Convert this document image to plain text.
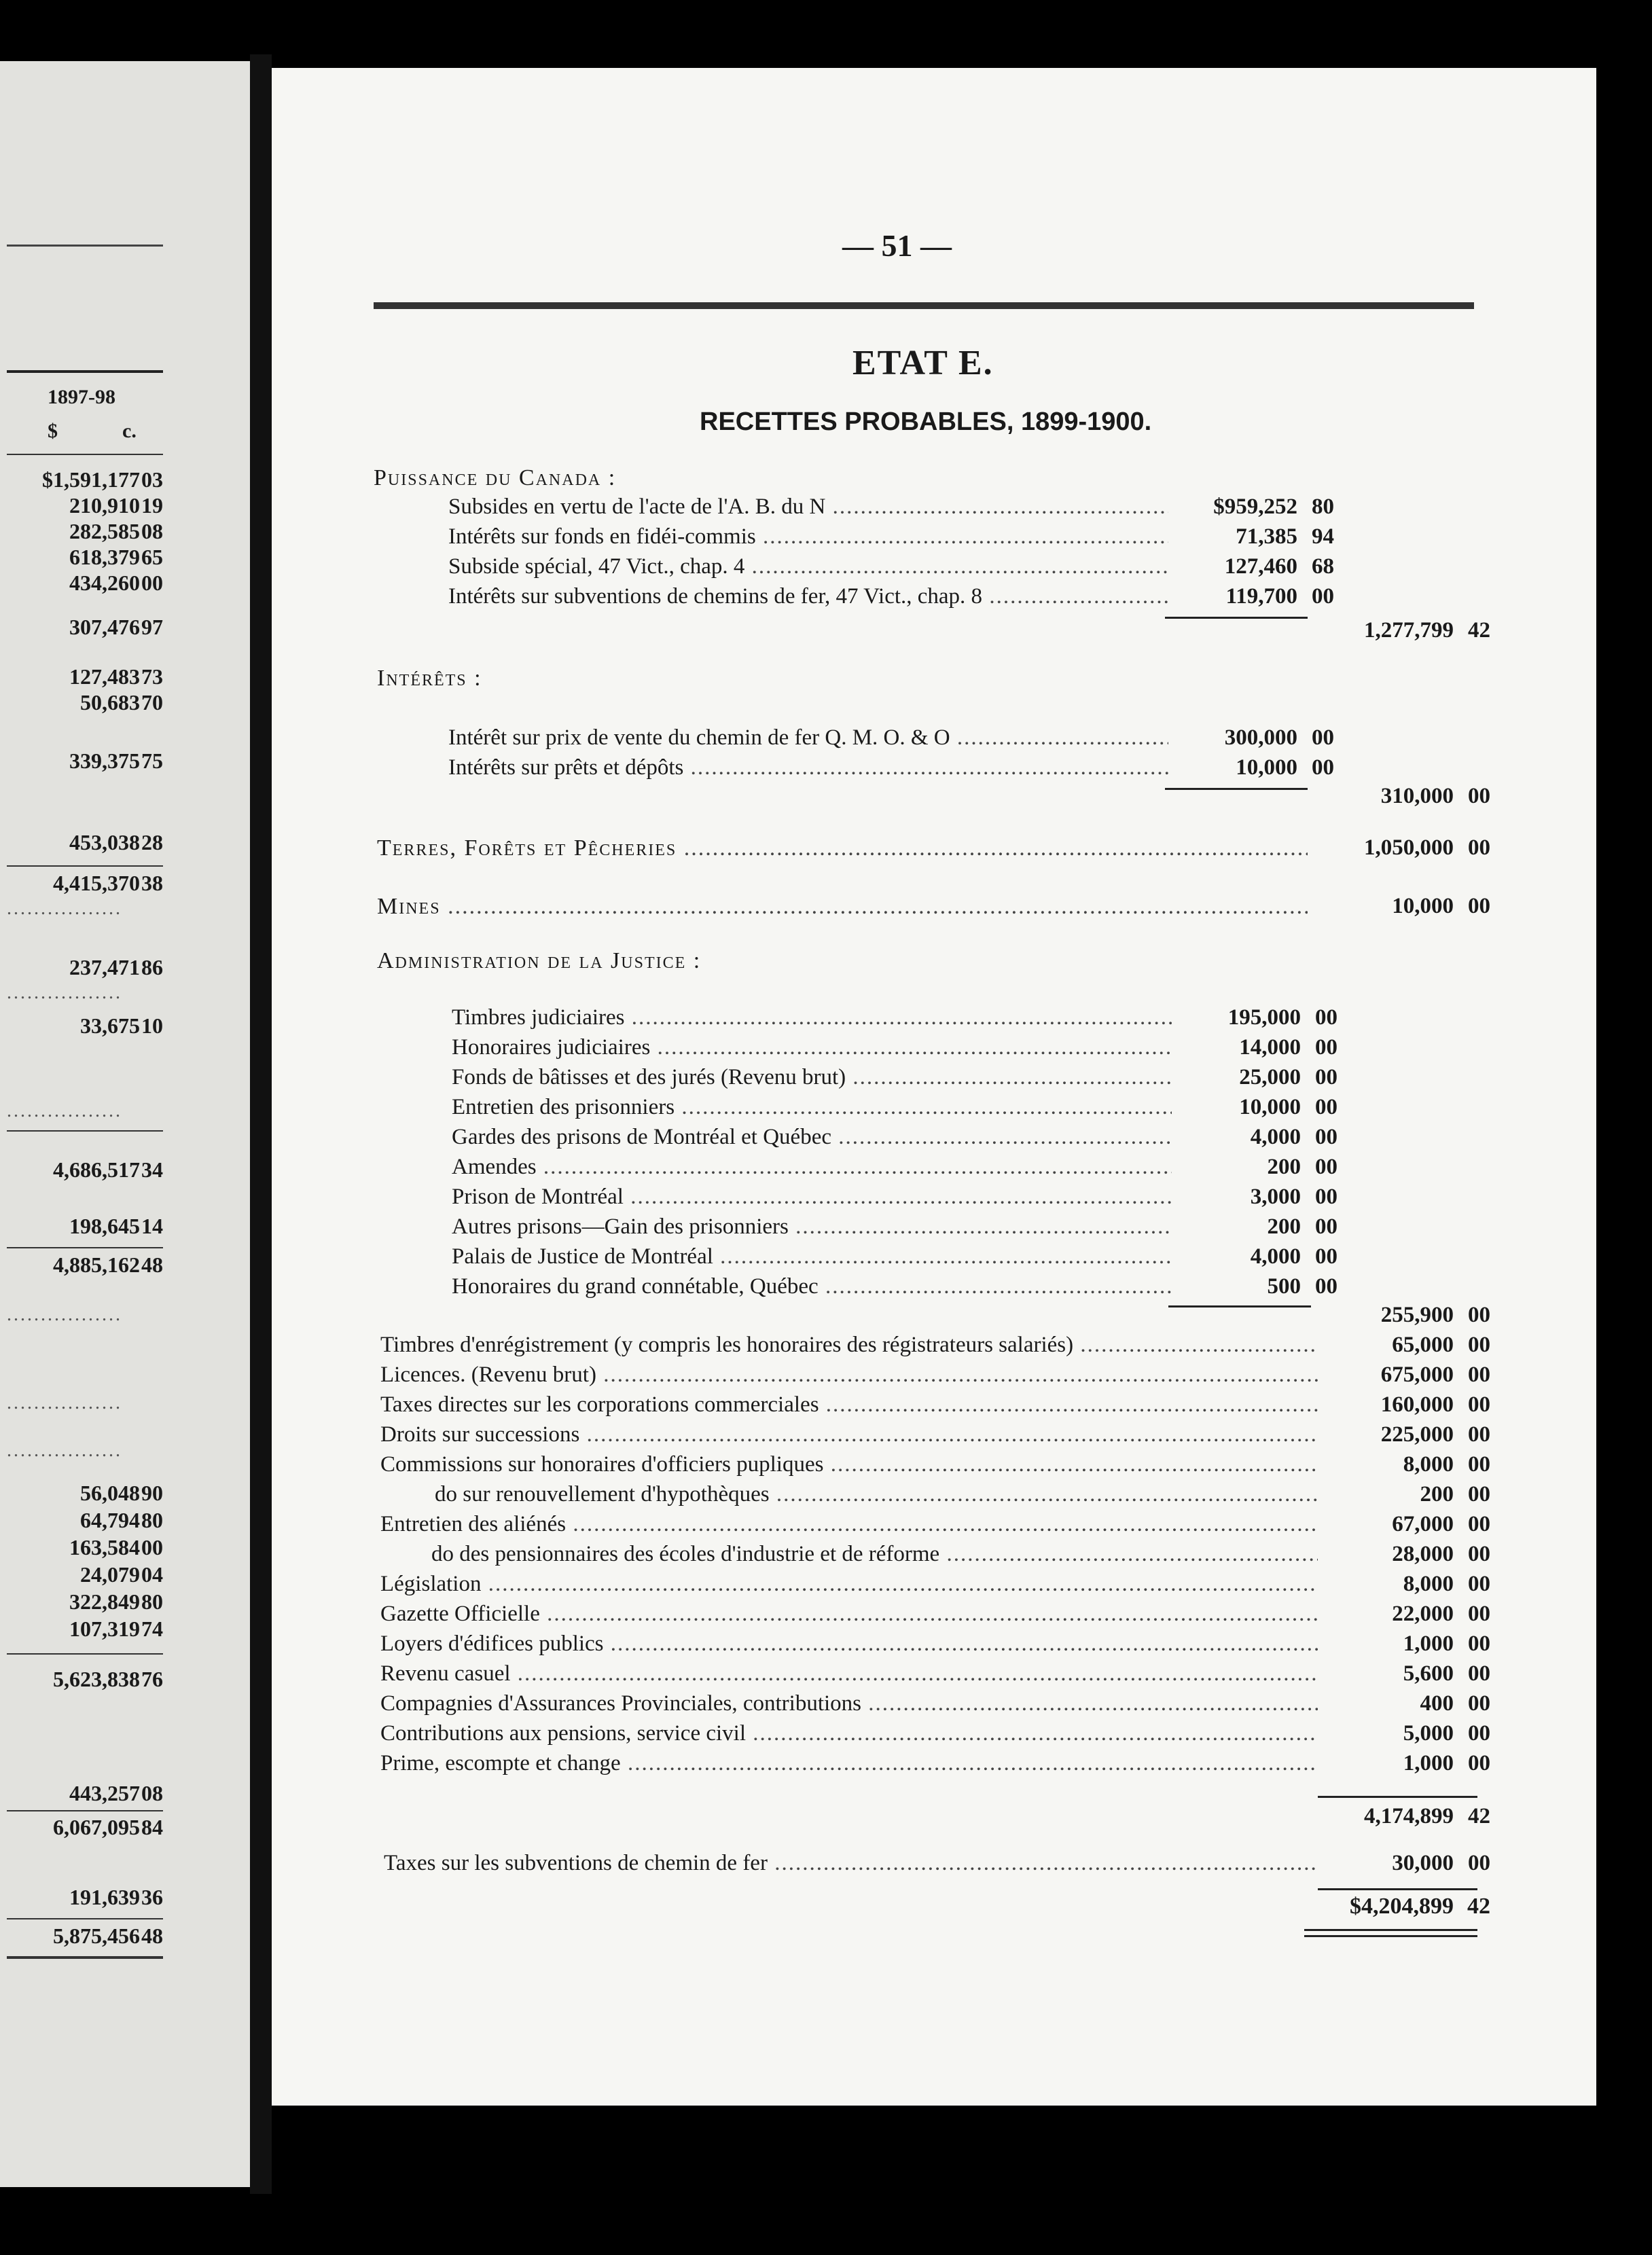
1897-98
$	c.
$1,591,177 03
210,910 19
282,585 08
618,379 65
434,260 00
307,476 97
127,483 73
50,683 70
339,375 75
453,038 28
4,415,370 38
.................
237,471 86
.................
33,675 10
.................
4,686,517 34
198,645 14
4,885,162 48
.................
.................
.................
56,048 90
64,794 80
163,584 00
24,079 04
322,849 80
107,319 74
5,623,838 76
443,257 08
6,067,095 84
191,639 36
5,875,456 48
— 51 —
ETAT E.
RECETTES PROBABLES, 1899-1900.
Puissance du Canada :
Subsides en vertu de l'acte de l'A. B. du N .....	$959,252 80
Intérêts sur fonds en fidéi-commis .....	71,385 94
Subside spécial, 47 Vict., chap. 4 .....	127,460 68
Intérêts sur subventions de chemins de fer, 47 Vict., chap. 8 .....	119,700 00
1,277,799 42
Intérêts :
Intérêt sur prix de vente du chemin de fer Q. M. O. & O .....	300,000 00
Intérêts sur prêts et dépôts .....	10,000 00
310,000 00
Terres, Forêts et Pêcheries .....	1,050,000 00
Mines .....	10,000 00
Administration de la Justice :
Timbres judiciaires .....	195,000 00
Honoraires judiciaires .....	14,000 00
Fonds de bâtisses et des jurés (Revenu brut) .....	25,000 00
Entretien des prisonniers .....	10,000 00
Gardes des prisons de Montréal et Québec .....	4,000 00
Amendes .....	200 00
Prison de Montréal .....	3,000 00
Autres prisons—Gain des prisonniers .....	200 00
Palais de Justice de Montréal .....	4,000 00
Honoraires du grand connétable, Québec .....	500 00
255,900 00
Timbres d'enrégistrement (y compris les honoraires des régistrateurs salariés) .....	65,000 00
Licences. (Revenu brut) .....	675,000 00
Taxes directes sur les corporations commerciales .....	160,000 00
Droits sur successions .....	225,000 00
Commissions sur honoraires d'officiers pupliques .....	8,000 00
do sur renouvellement d'hypothèques .....	200 00
Entretien des aliénés .....	67,000 00
do des pensionnaires des écoles d'industrie et de réforme .....	28,000 00
Législation .....	8,000 00
Gazette Officielle .....	22,000 00
Loyers d'édifices publics .....	1,000 00
Revenu casuel .....	5,600 00
Compagnies d'Assurances Provinciales, contributions .....	400 00
Contributions aux pensions, service civil .....	5,000 00
Prime, escompte et change .....	1,000 00
4,174,899 42
Taxes sur les subventions de chemin de fer .....	30,000 00
$4,204,899 42
